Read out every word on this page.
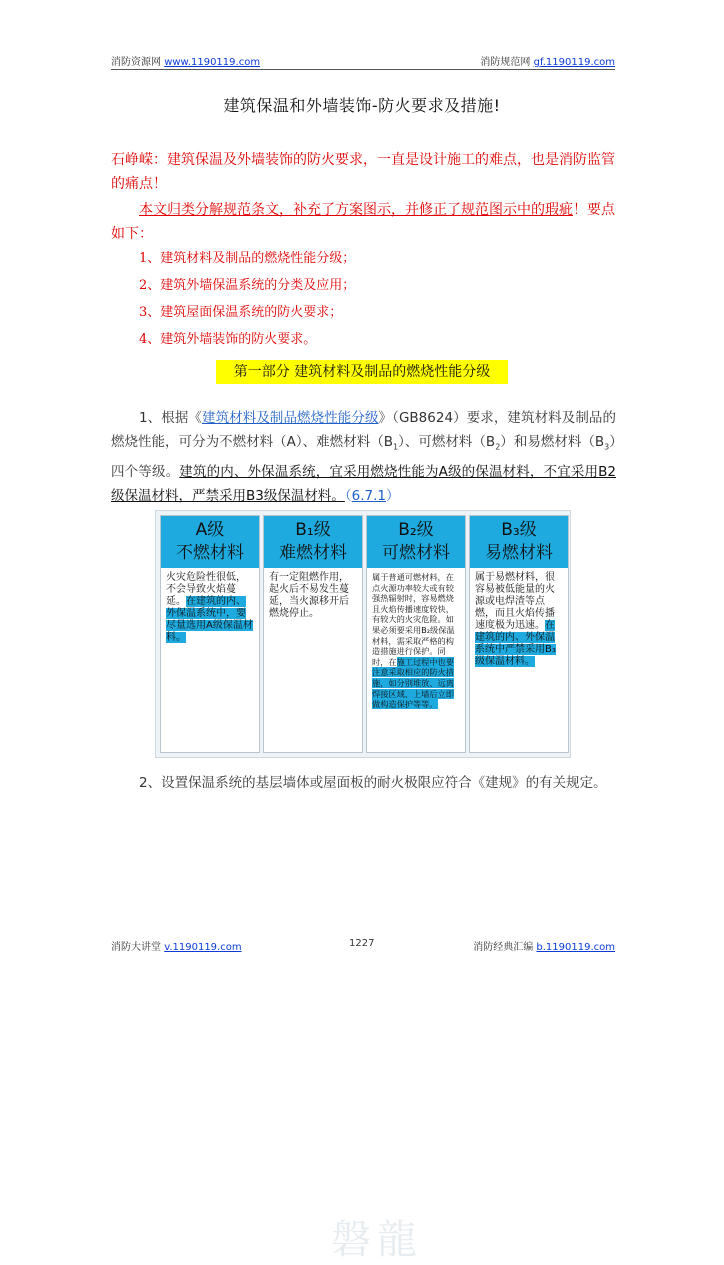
消防资源网 www.1190119.com	消防规范网 gf.1190119.com
建筑保温和外墙装饰-防火要求及措施!
石峥嵘：建筑保温及外墙装饰的防火要求，一直是设计施工的难点，也是消防监管的痛点！
本文归类分解规范条文，补充了方案图示，并修正了规范图示中的瑕疵！要点如下：
1、建筑材料及制品的燃烧性能分级；
2、建筑外墙保温系统的分类及应用；
3、建筑屋面保温系统的防火要求；
4、建筑外墙装饰的防火要求。
第一部分 建筑材料及制品的燃烧性能分级
1、根据《建筑材料及制品燃烧性能分级》（GB8624）要求，建筑材料及制品的燃烧性能，可分为不燃材料（A）、难燃材料$(B_1)$、可燃材料$(B_2)$和易燃材料$(B_3)$四个等级。建筑的内、外保温系统，宜采用燃烧性能为A级的保温材料，不宜采用B2级保温材料，严禁采用B3级保温材料。（6.7.1）
磐龍
A级
不燃材料
火灾危险性很低，不会导致火焰蔓延。在建筑的内、外保温系统中，要尽量选用A级保温材料。
B₁级
难燃材料
有一定阻燃作用，起火后不易发生蔓延，当火源移开后燃烧停止。
B₂级
可燃材料
属于普通可燃材料，在点火源功率较大或有较强热辐射时，容易燃烧且火焰传播速度较快，有较大的火灾危险。如果必须要采用B₂级保温材料，需采取严格的构造措施进行保护。同时，在施工过程中也要注意采取相应的防火措施，如分别堆放、远离焊接区域、上墙后立即做构造保护等等。
B₃级
易燃材料
属于易燃材料，很容易被低能量的火源或电焊渣等点燃，而且火焰传播速度极为迅速。在建筑的内、外保温系统中严禁采用B₃级保温材料。
2、设置保温系统的基层墙体或屋面板的耐火极限应符合《建规》的有关规定。
消防大讲堂 v.1190119.com	1227	消防经典汇编 b.1190119.com
